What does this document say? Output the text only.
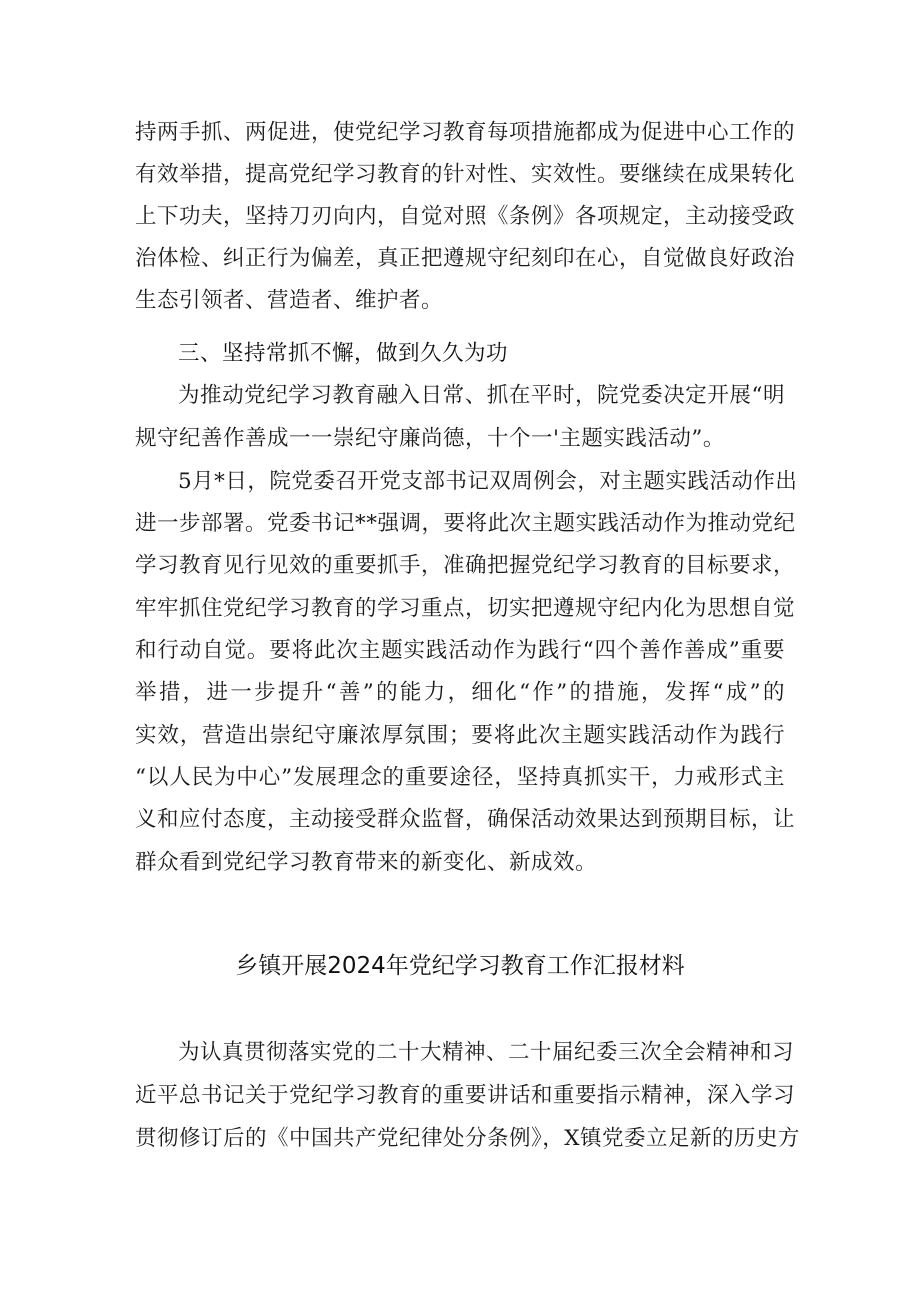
持两手抓、两促进，使党纪学习教育每项措施都成为促进中心工作的
有效举措，提高党纪学习教育的针对性、实效性。要继续在成果转化
上下功夫，坚持刀刃向内，自觉对照《条例》各项规定，主动接受政
治体检、纠正行为偏差，真正把遵规守纪刻印在心，自觉做良好政治
生态引领者、营造者、维护者。
三、坚持常抓不懈，做到久久为功
为推动党纪学习教育融入日常、抓在平时，院党委决定开展“明
规守纪善作善成一一崇纪守廉尚德，十个一'主题实践活动”。
5月*日，院党委召开党支部书记双周例会，对主题实践活动作出
进一步部署。党委书记**强调，要将此次主题实践活动作为推动党纪
学习教育见行见效的重要抓手，准确把握党纪学习教育的目标要求，
牢牢抓住党纪学习教育的学习重点，切实把遵规守纪内化为思想自觉
和行动自觉。要将此次主题实践活动作为践行“四个善作善成”重要
举措，进一步提升“善”的能力，细化“作”的措施，发挥“成”的
实效，营造出崇纪守廉浓厚氛围；要将此次主题实践活动作为践行
“以人民为中心”发展理念的重要途径，坚持真抓实干，力戒形式主
义和应付态度，主动接受群众监督，确保活动效果达到预期目标，让
群众看到党纪学习教育带来的新变化、新成效。
乡镇开展2024年党纪学习教育工作汇报材料
为认真贯彻落实党的二十大精神、二十届纪委三次全会精神和习
近平总书记关于党纪学习教育的重要讲话和重要指示精神，深入学习
贯彻修订后的《中国共产党纪律处分条例》，X镇党委立足新的历史方
